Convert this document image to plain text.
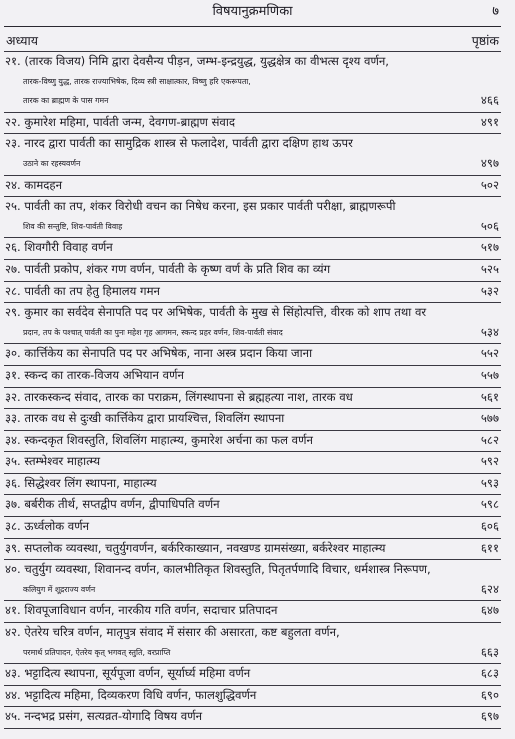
विषयानुक्रमणिका	७
अध्याय	पृष्ठांक
२१. (तारक विजय) निमि द्वारा देवसैन्य पीड़न, जम्भ-इन्द्रयुद्ध, युद्धक्षेत्र का वीभत्स दृश्य वर्णन,
तारक-विष्णु युद्ध, तारक राज्याभिषेक, दिव्य स्त्री साक्षात्कार, विष्णु हरि एकरूपता,
तारक का ब्राह्मण के पास गमन	४६६
२२. कुमारेश महिमा, पार्वती जन्म, देवगण-ब्राह्मण संवाद	४९१
२३. नारद द्वारा पार्वती का सामुद्रिक शास्त्र से फलादेश, पार्वती द्वारा दक्षिण हाथ ऊपर
उठाने का रहस्यवर्णन	४९७
२४. कामदहन	५०२
२५. पार्वती का तप, शंकर विरोधी वचन का निषेध करना, इस प्रकार पार्वती परीक्षा, ब्राह्मणरूपी
शिव की सन्तुष्टि, शिव-पार्वती विवाह	५०६
२६. शिवगौरी विवाह वर्णन	५१७
२७. पार्वती प्रकोप, शंकर गण वर्णन, पार्वती के कृष्ण वर्ण के प्रति शिव का व्यंग	५२५
२८. पार्वती का तप हेतु हिमालय गमन	५३२
२९. कुमार का सर्वदेव सेनापति पद पर अभिषेक, पार्वती के मुख से सिंहोत्पत्ति, वीरक को शाप तथा वर
प्रदान, तप के पश्चात् पार्वती का पुनः महेश गृह आगमन, स्कन्द प्रहर वर्णन, शिव-पार्वती संवाद	५३४
३०. कार्त्तिकेय का सेनापति पद पर अभिषेक, नाना अस्त्र प्रदान किया जाना	५५२
३१. स्कन्द का तारक-विजय अभियान वर्णन	५५७
३२. तारकस्कन्द संवाद, तारक का पराक्रम, लिंगस्थापना से ब्रह्महत्या नाश, तारक वध	५६१
३३. तारक वध से दुःखी कार्त्तिकेय द्वारा प्रायश्चित्त, शिवलिंग स्थापना	५७७
३४. स्कन्दकृत शिवस्तुति, शिवलिंग माहात्म्य, कुमारेश अर्चना का फल वर्णन	५८२
३५. स्तम्भेश्वर माहात्म्य	५९२
३६. सिद्धेश्वर लिंग स्थापना, माहात्म्य	५९३
३७. बर्बरीक तीर्थ, सप्तद्वीप वर्णन, द्वीपाधिपति वर्णन	५९८
३८. ऊर्ध्वलोक वर्णन	६०६
३९. सप्तलोक व्यवस्था, चतुर्युगवर्णन, बर्करिकाख्यान, नवखण्ड ग्रामसंख्या, बर्करेश्वर माहात्म्य	६११
४०. चतुर्युग व्यवस्था, शिवानन्द वर्णन, कालभीतिकृत शिवस्तुति, पितृतर्पणादि विचार, धर्मशास्त्र निरूपण,
कलियुग में शूद्रराज्य वर्णन	६२४
४१. शिवपूजाविधान वर्णन, नारकीय गति वर्णन, सदाचार प्रतिपादन	६४७
४२. ऐतरेय चरित्र वर्णन, मातृपुत्र संवाद में संसार की असारता, कष्ट बहुलता वर्णन,
परमार्थ प्रतिपादन, ऐतरेय कृत् भगवत् स्तुति, वरप्राप्ति	६६३
४३. भट्टादित्य स्थापना, सूर्यपूजा वर्णन, सूर्यार्घ्य महिमा वर्णन	६८३
४४. भट्टादित्य महिमा, दिव्यकरण विधि वर्णन, फालशुद्धिवर्णन	६९०
४५. नन्दभद्र प्रसंग, सत्यव्रत-योगादि विषय वर्णन	६९७
